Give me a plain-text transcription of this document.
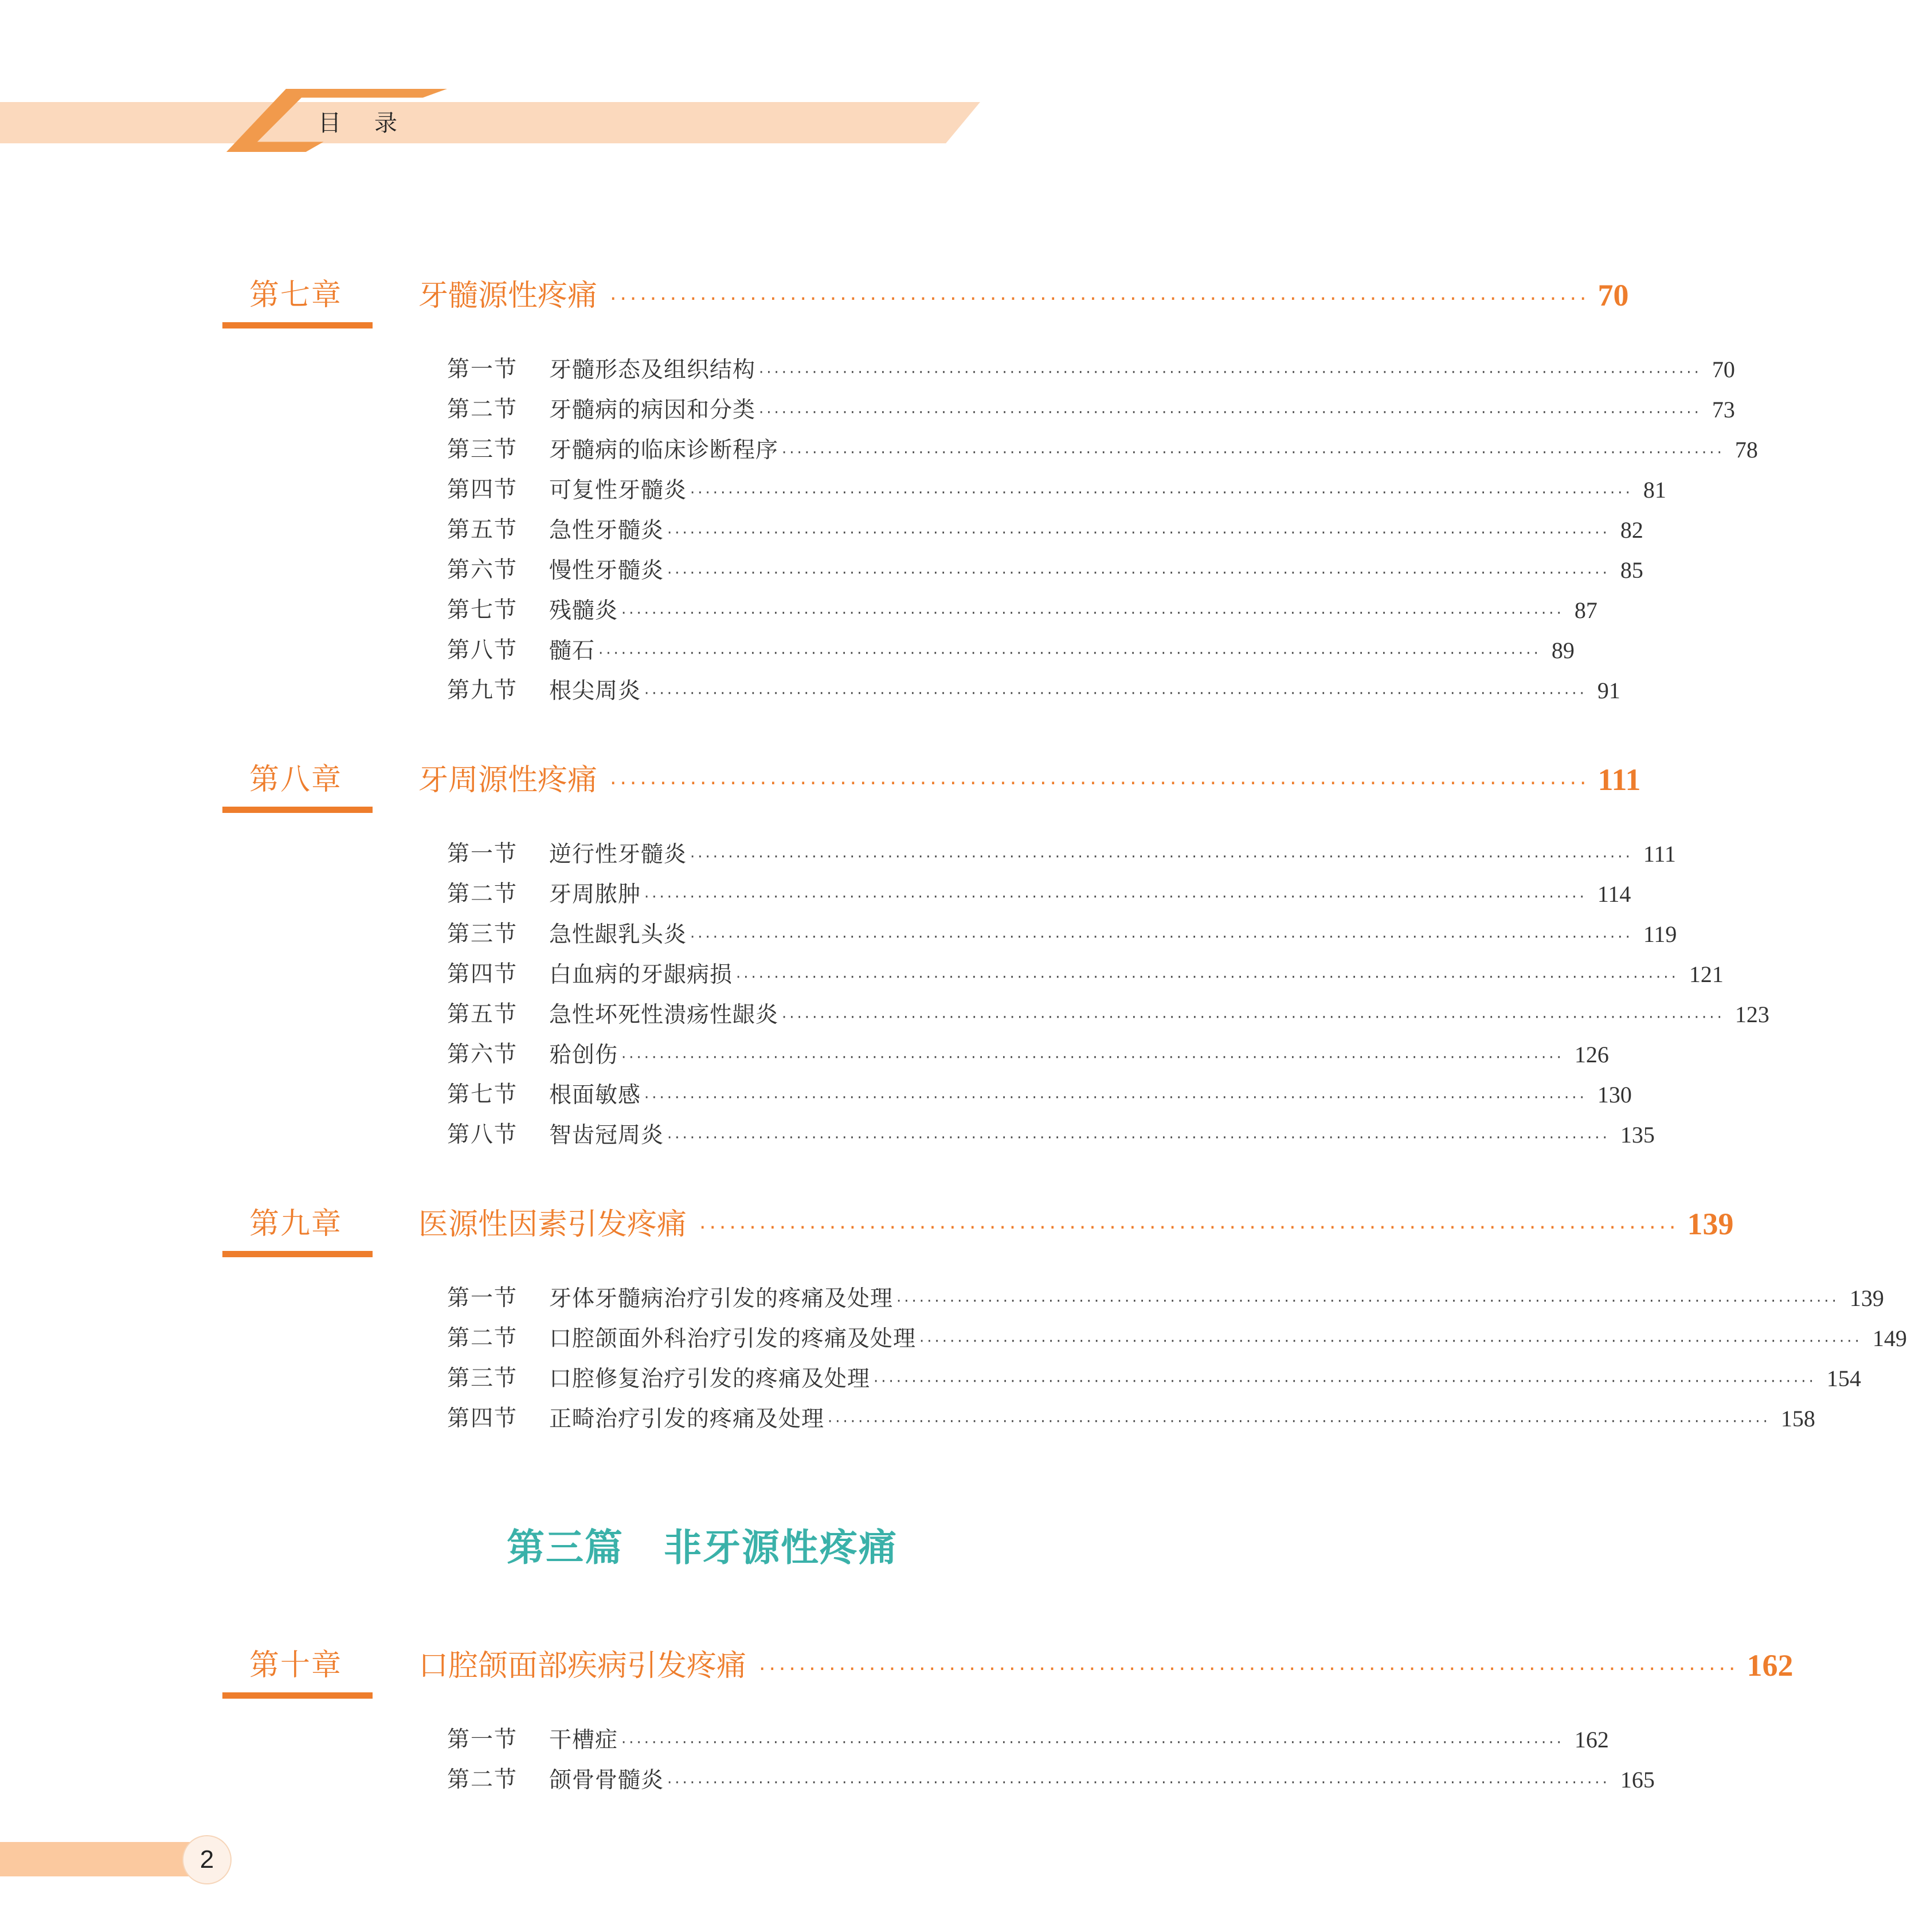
目录
第七章	牙髓源性疼痛 ·································································································· 70
第一节 牙髓形态及组织结构 ···························································································································· 70
第二节 牙髓病的病因和分类 ···························································································································· 73
第三节 牙髓病的临床诊断程序 ···························································································································· 78
第四节 可复性牙髓炎 ···························································································································· 81
第五节 急性牙髓炎 ···························································································································· 82
第六节 慢性牙髓炎 ···························································································································· 85
第七节 残髓炎 ···························································································································· 87
第八节 髓石 ···························································································································· 89
第九节 根尖周炎 ···························································································································· 91
第八章	牙周源性疼痛 ·································································································· 111
第一节 逆行性牙髓炎 ···························································································································· 111
第二节 牙周脓肿 ···························································································································· 114
第三节 急性龈乳头炎 ···························································································································· 119
第四节 白血病的牙龈病损 ···························································································································· 121
第五节 急性坏死性溃疡性龈炎 ···························································································································· 123
第六节 𬌗创伤 ···························································································································· 126
第七节 根面敏感 ···························································································································· 130
第八节 智齿冠周炎 ···························································································································· 135
第九章	医源性因素引发疼痛 ·································································································· 139
第一节 牙体牙髓病治疗引发的疼痛及处理 ···························································································································· 139
第二节 口腔颌面外科治疗引发的疼痛及处理 ···························································································································· 149
第三节 口腔修复治疗引发的疼痛及处理 ···························································································································· 154
第四节 正畸治疗引发的疼痛及处理 ···························································································································· 158
第三篇 非牙源性疼痛
第十章	口腔颌面部疾病引发疼痛 ·································································································· 162
第一节 干槽症 ···························································································································· 162
第二节 颌骨骨髓炎 ···························································································································· 165
2
